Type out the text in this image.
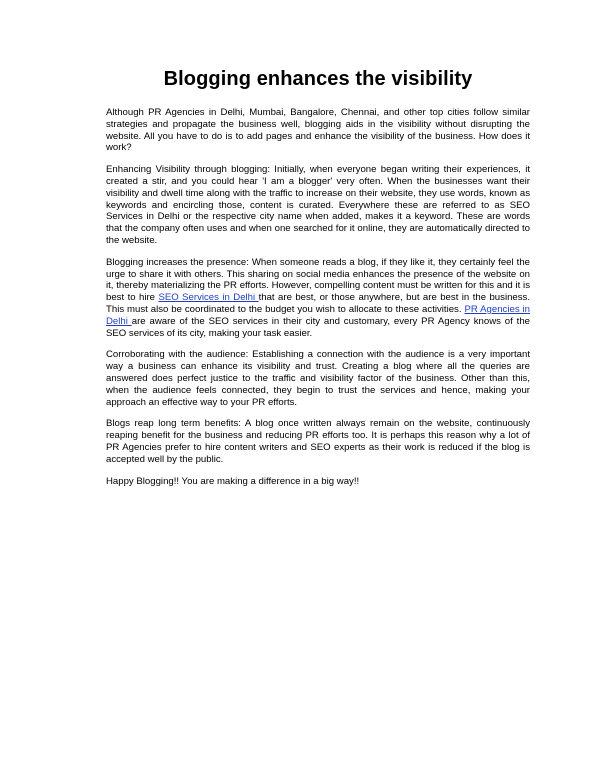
Blogging enhances the visibility

Although PR Agencies in Delhi, Mumbai, Bangalore, Chennai, and other top cities follow similar strategies and propagate the business well, blogging aids in the visibility without disrupting the website. All you have to do is to add pages and enhance the visibility of the business. How does it work?

Enhancing Visibility through blogging: Initially, when everyone began writing their experiences, it created a stir, and you could hear 'I am a blogger' very often. When the businesses want their visibility and dwell time along with the traffic to increase on their website, they use words, known as keywords and encircling those, content is curated. Everywhere these are referred to as SEO Services in Delhi or the respective city name when added, makes it a keyword. These are words that the company often uses and when one searched for it online, they are automatically directed to the website.

Blogging increases the presence: When someone reads a blog, if they like it, they certainly feel the urge to share it with others. This sharing on social media enhances the presence of the website on it, thereby materializing the PR efforts. However, compelling content must be written for this and it is best to hire SEO Services in Delhi that are best, or those anywhere, but are best in the business. This must also be coordinated to the budget you wish to allocate to these activities. PR Agencies in Delhi are aware of the SEO services in their city and customary, every PR Agency knows of the SEO services of its city, making your task easier.

Corroborating with the audience: Establishing a connection with the audience is a very important way a business can enhance its visibility and trust. Creating a blog where all the queries are answered does perfect justice to the traffic and visibility factor of the business. Other than this, when the audience feels connected, they begin to trust the services and hence, making your approach an effective way to your PR efforts.

Blogs reap long term benefits: A blog once written always remain on the website, continuously reaping benefit for the business and reducing PR efforts too. It is perhaps this reason why a lot of PR Agencies prefer to hire content writers and SEO experts as their work is reduced if the blog is accepted well by the public.

Happy Blogging!! You are making a difference in a big way!!
